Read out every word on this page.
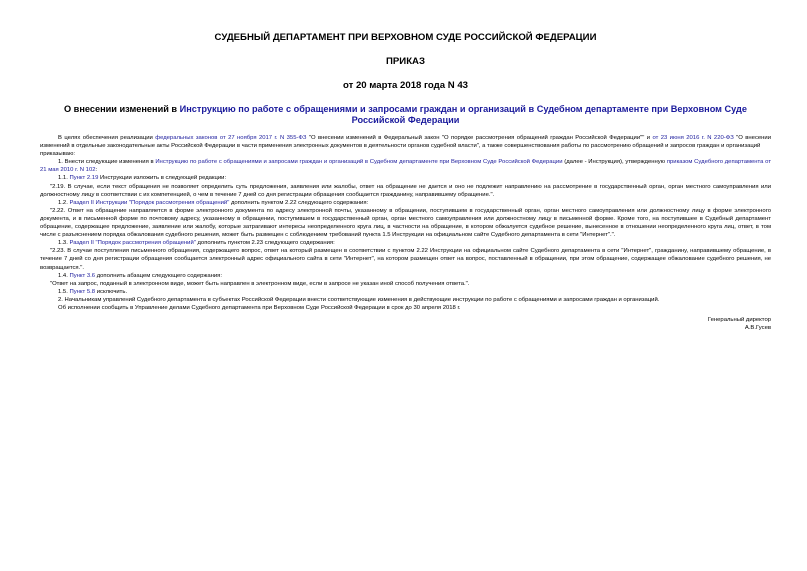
СУДЕБНЫЙ ДЕПАРТАМЕНТ ПРИ ВЕРХОВНОМ СУДЕ РОССИЙСКОЙ ФЕДЕРАЦИИ
ПРИКАЗ
от 20 марта 2018 года N 43
О внесении изменений в Инструкцию по работе с обращениями и запросами граждан и организаций в Судебном департаменте при Верховном Суде Российской Федерации

В целях обеспечения реализации федеральных законов от 27 ноября 2017 г. N 355-ФЗ "О внесении изменений в Федеральный закон "О порядке рассмотрения обращений граждан Российской Федерации"" и от 23 июня 2016 г. N 220-ФЗ "О внесении изменений в отдельные законодательные акты Российской Федерации в части применения электронных документов в деятельности органов судебной власти", а также совершенствования работы по рассмотрению обращений и запросов граждан и организаций

приказываю:

1. Внести следующие изменения в Инструкцию по работе с обращениями и запросами граждан и организаций в Судебном департаменте при Верховном Суде Российской Федерации (далее - Инструкция), утвержденную приказом Судебного департамента от 21 мая 2010 г. N 102:

1.1. Пункт 2.19 Инструкции изложить в следующей редакции:

"2.19. В случае, если текст обращения не позволяет определить суть предложения, заявления или жалобы, ответ на обращение не дается и оно не подлежит направлению на рассмотрение в государственный орган, орган местного самоуправления или должностному лицу в соответствии с их компетенцией, о чем в течение 7 дней со дня регистрации обращения сообщается гражданину, направившему обращение.".

1.2. Раздел II Инструкции "Порядок рассмотрения обращений" дополнить пунктом 2.22 следующего содержания:

"2.22. Ответ на обращение направляется в форме электронного документа по адресу электронной почты, указанному в обращении, поступившем в государственный орган, орган местного самоуправления или должностному лицу в форме электронного документа, и в письменной форме по почтовому адресу, указанному в обращении, поступившем в государственный орган, орган местного самоуправления или должностному лицу в письменной форме. Кроме того, на поступившее в Судебный департамент обращение, содержащее предложение, заявление или жалобу, которые затрагивают интересы неопределенного круга лиц, в частности на обращение, в котором обжалуется судебное решение, вынесенное в отношении неопределенного круга лиц, ответ, в том числе с разъяснением порядка обжалования судебного решения, может быть размещен с соблюдением требований пункта 1.5 Инструкции на официальном сайте Судебного департамента в сети "Интернет".".

1.3. Раздел II "Порядок рассмотрения обращений" дополнить пунктом 2.23 следующего содержания:

"2.23. В случае поступления письменного обращения, содержащего вопрос, ответ на который размещен в соответствии с пунктом 2.22 Инструкции на официальном сайте Судебного департамента в сети "Интернет", гражданину, направившему обращение, в течение 7 дней со дня регистрации обращения сообщается электронный адрес официального сайта в сети "Интернет", на котором размещен ответ на вопрос, поставленный в обращении, при этом обращение, содержащее обжалование судебного решения, не возвращается.".

1.4. Пункт 3.6 дополнить абзацем следующего содержания:

"Ответ на запрос, поданный в электронном виде, может быть направлен в электронном виде, если в запросе не указан иной способ получения ответа.".

1.5. Пункт 5.8 исключить.

2. Начальникам управлений Судебного департамента в субъектах Российской Федерации внести соответствующие изменения в действующие инструкции по работе с обращениями и запросами граждан и организаций.

Об исполнении сообщить в Управление делами Судебного департамента при Верховном Суде Российской Федерации в срок до 30 апреля 2018 г.

Генеральный директор

А.В.Гусев
